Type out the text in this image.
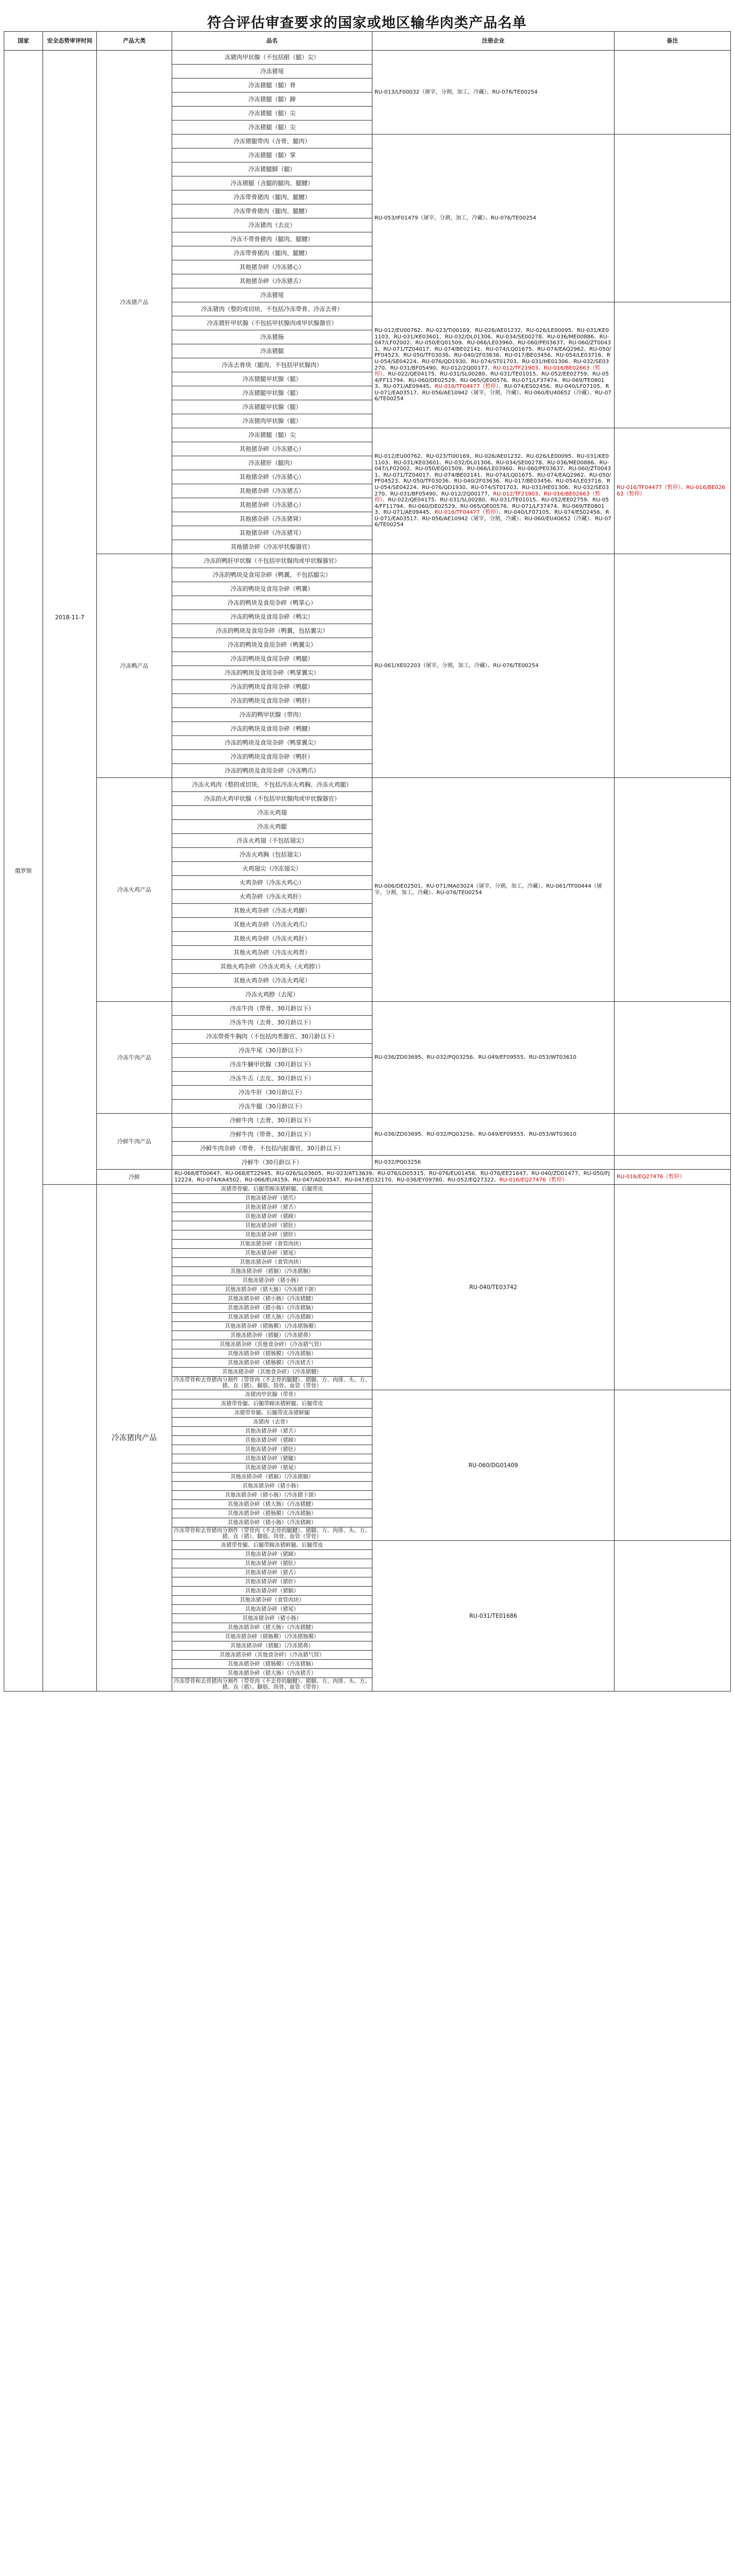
符合评估审查要求的国家或地区输华肉类产品名单
国家	安全态势审评时间	产品大类	品名	注册企业	备注
俄罗斯	2018-11-7	冷冻猪产品	冻猪肉甲状腺（不包括眼（腿）尖）	RU-013/LF00032（屠宰，分割，加工，冷藏）、RU-076/TE00254	
			冷冻猪尾		
			冷冻猪腿（腿）骨		
			冷冻猪腿（腿）蹄		
			冷冻猪腿（腿）尖		
			冷冻猪腿（腿）尖		
			冷冻猪腿带肉（含骨、腿肉）	RU-053/IF01479（屠宰，分割，加工，冷藏）、RU-076/TE00254	
			冷冻猪腿（腿）掌		
			冷冻猪腿脚（腿）		
			冷冻猪腿（含腿的腿肉、腿腱）		
			冷冻带骨猪肉（腿肉、腿腱）		
			冷冻带骨猪肉（腿肉、腿腱）		
			冷冻猪肉（去皮）		
			冷冻不带骨猪肉（腿肉、腿腱）		
			冷冻带骨猪肉（腿肉、腿腱）		
			其他猪杂碎（冷冻猪心）		
			其他猪杂碎（冷冻猪舌）		
			冷冻猪尾		
			冷冻猪肉（整的或切块、不包括冷冻带骨、冷冻去骨）	RU-012/EU00762、RU-023/Ti00169、RU-026/AE01232、RU-026/LE00095、RU-031/KE01103、RU-031/KE03601、RU-032/DL01306、RU-034/SE00278、RU-036/ME00886、RU-047/LF02002、RU-050/EQ01509、RU-066/LE03960、RU-060/PE03637、RU-060/ZT00431、RU-071/TZ04017、RU-074/BE02141、RU-074/LQ01675、RU-074/EAQ2962、RU-050/PF04523、RU-050/TF03036、RU-040/2F03636、RU-017/BE03456、RU-054/LE03716、RU-054/SE04224、RU-076/QD1930、RU-074/ST01703、RU-031/HE01306、RU-032/SE03270、RU-031/BF05490、RU-012/2Q00177、RU-012/TF21903、RU-016/BE02663（暂停）、RU-022/QE04175、RU-031/SL00280、RU-031/TE01015、RU-052/EE02759、RU-054/FF11794、RU-060/DE02529、RU-065/QE00576、RU-071/LF37474、RU-069/TE08013、RU-071/AE09445、RU-016/TF04477（暂停）、RU-074/ES02456、RU-040/LF07105、RU-071/EA03517、RU-056/AE10942（屠宰，分割，冷藏）、RU-060/EU40652（冷藏）、RU-076/TE00254	
			冷冻猪肝甲状腺（不包括甲状腺肉或甲状腺器官）		
			冷冻猪肠		
			冷冻猪腿		
			冷冻去骨块（腿肉、不包括甲状腺肉）		
			冷冻猪腿甲状腺（腿）		
			冷冻猪腿甲状腺（腿）		
			冷冻猪腿甲状腺（腿）		
			冷冻猪肉甲状腺（腿）		
			冷冻猪腿（腿）尖	RU-012/EU00762、RU-023/Ti00169、RU-026/AE01232、RU-026/LE00095、RU-031/KE01103、RU-031/KE03601、RU-032/DL01306、RU-034/SE00278、RU-036/ME00886、RU-047/LF02002、RU-050/EQ01509、RU-066/LE03960、RU-060/PE03637、RU-060/ZT00431、RU-071/TZ04017、RU-074/BE02141、RU-074/LQ01675、RU-074/EAQ2962、RU-050/PF04523、RU-050/TF03036、RU-040/2F03636、RU-017/BE03456、RU-054/LE03716、RU-054/SE04224、RU-076/QD1930、RU-074/ST01703、RU-031/HE01306、RU-032/SE03270、RU-031/BF05490、RU-012/2Q00177、RU-012/TF21903、RU-016/BE02663（暂停）、RU-022/QE04175、RU-031/SL00280、RU-031/TE01015、RU-052/EE02759、RU-054/FF11794、RU-060/DE02529、RU-065/QE00576、RU-071/LF37474、RU-069/TE08013、RU-071/AE09445、RU-016/TF04477（暂停）、RU-040/LF07105、RU-074/ES02456、RU-071/EA03517、RU-056/AE10942（屠宰，分割，冷藏）、RU-060/EU40652（冷藏）、RU-076/TE00254	RU-016/TF04477（暂停）、RU-016/BE02663（暂停）
			其他猪杂碎（冷冻猪心）		
			冷冻猪肝（腿肉）		
			其他猪杂碎（冷冻猪心）		
			其他猪杂碎（冷冻猪舌）		
			其他猪杂碎（冷冻猪心）		
			其他猪杂碎（冷冻猪肾）		
			其他猪杂碎（冷冻猪耳）		
			其他猪杂碎（冷冻甲状腺器官）		
		冷冻鸭产品	冷冻的鸭肝甲状腺（不包括甲状腺肉或甲状腺器官）	RU-061/XE02203（屠宰，分割，加工，冷藏）、RU-076/TE00254	
			冷冻的鸭块及食用杂碎（鸭翼，不包括腿尖）		
			冷冻的鸭块及食用杂碎（鸭翼）		
			冷冻的鸭块及食用杂碎（鸭掌心）		
			冷冻的鸭块及食用杂碎（鸭尖）		
			冷冻的鸭块及食用杂碎（鸭翼，包括翼尖）		
			冷冻的鸭块及食用杂碎（鸭翼尖）		
			冷冻的鸭块及食用杂碎（鸭腿）		
			冷冻的鸭块及食用杂碎（鸭掌翼尖）		
			冷冻的鸭块及食用杂碎（鸭腿）		
			冷冻的鸭块及食用杂碎（鸭肝）		
			冷冻的鸭甲状腺（带肉）		
			冷冻的鸭块及食用杂碎（鸭腱）		
			冷冻的鸭块及食用杂碎（鸭掌翼尖）		
			冷冻的鸭块及食用杂碎（鸭肝）		
			冷冻的鸭块及食用杂碎（冷冻鸭爪）		
		冷冻火鸡产品	冷冻火鸡肉（整的或切块、不包括冷冻火鸡胸、冷冻火鸡腿）	RU-006/DE02501、RU-071/MA03024（屠宰，分割，加工，冷藏）、RU-061/TF00444（屠宰，分割，加工，冷藏）、RU-076/TE00254	
			冷冻的火鸡甲状腺（不包括甲状腺肉或甲状腺器官）		
			冷冻火鸡翅		
			冷冻火鸡腿		
			冷冻火鸡翅（不包括翅尖）		
			冷冻火鸡胸（包括翅尖）		
			火鸡翅尖（冷冻翅尖）		
			火鸡杂碎（冷冻火鸡心）		
			火鸡杂碎（冷冻火鸡肝）		
			其他火鸡杂碎（冷冻火鸡脚）		
			其他火鸡杂碎（冷冻火鸡爪）		
			其他火鸡杂碎（冷冻火鸡肝）		
			其他火鸡杂碎（冷冻火鸡胃）		
			其他火鸡杂碎（冷冻火鸡头（火鸡脖））		
			其他火鸡杂碎（冷冻火鸡尾）		
			冷冻火鸡脖（去尾）		
		冷冻牛肉产品	冷冻牛肉（带骨、30月龄以下）	RU-036/ZD03695、RU-032/PQ03256、RU-049/EF09555、RU-053/WT03610	
			冷冻牛肉（去骨、30月龄以下）		
			冷冻带骨牛胸肉（不包括肉类器官、30月龄以下）		
			冷冻牛尾（30月龄以下）		
			冷冻牛腩甲状腺（30月龄以下）		
			冷冻牛舌（去皮、30月龄以下）		
			冷冻牛肝（30月龄以下）		
			冷冻牛腿（30月龄以下）		
		冷鲜牛肉产品	冷鲜牛肉（去骨、30月龄以下）	RU-036/ZD03695、RU-032/PQ03256、RU-049/EF09555、RU-053/WT03610	
			冷鲜牛肉（带骨、30月龄以下）		
			冷鲜牛肉杂碎（带骨、不包括内脏器官、30月龄以下）		
			冷鲜牛（30月龄以下）	RU-032/PQ03256	
		冷鲜	RU-068/ET00647、RU-068/ET22945、RU-026/SL03605、RU-023/AT13639、RU-076/LD05315、RU-076/EU01456、RU-076/EE21647、RU-040/ZD01477、RU-050/FJ12224、RU-074/KA4502、RU-066/EU4159、RU-047/AD03547、RU-047/ED32170、RU-036/EY09780、RU-052/EQ27322、RU-016/EQ27476（暂停）		RU-016/EQ27476（暂停）
		冷冻猪肉产品	冻猪带骨腿、后腿带蹄冻猪鲜腿、后腿带皮	RU-040/TE03742	
			其他冻猪杂碎（猪爪）		
			其他冻猪杂碎（猪舌）		
			其他冻猪杂碎（猪蹄）		
			其他冻猪杂碎（猪肚）		
			其他冻猪杂碎（猪肝）		
			其他冻猪杂碎（食管肉块）		
			其他冻猪杂碎（猪尾）		
			其他冻猪杂碎（食管肉块）		
			其他冻猪杂碎（猪膈）（冷冻猪膈）		
			其他冻猪杂碎（猪小肠）		
			其他冻猪杂碎（猪大肠）（冷冻猪下颌）		
			其他冻猪杂碎（猪小肠）（冷冻猪腱）		
			其他冻猪杂碎（猪小肠）（冷冻猪脑）		
			其他冻猪杂碎（猪大肠）（冷冻猪蹄）		
			其他冻猪杂碎（猪肠膜）（冷冻猪肠膜）		
			其他冻猪杂碎（猪腿）（冷冻猪鼻）		
			其他冻猪杂碎（其他食杂碎）（冷冻猪气管）		
			其他冻猪杂碎（猪肠膜）（冷冻猪脑）		
			其他冻猪杂碎（猪肠膜）（冷冻猪舌）		
			其他冻猪杂碎（其他食杂碎）（冷冻猪腱）		
			冷冻带骨和去骨猪肉分割件（带骨肉（不去骨的腿腱）、猪脚、方、肉排、头、方、猪、直（猪）、脚筋、筒骨、血管（带骨）		
			冻猪肉甲状腺（带骨）	RU-060/DG01409	
			冻猪带骨腿、后腿带蹄冻猪鲜腿、后腿带皮		
			冻猪带骨腿、后腿带皮冻猪鲜腿		
			冻猪肉（去骨）		
			其他冻猪杂碎（猪舌）		
			其他冻猪杂碎（猪蹄）		
			其他冻猪杂碎（猪肚）		
			其他冻猪杂碎（猪腿）		
			其他冻猪杂碎（猪尾）		
			其他冻猪杂碎（猪膈）（冷冻猪膈）		
			其他冻猪杂碎（猪小肠）		
			其他冻猪杂碎（猪小肠）（冷冻猪下颌）		
			其他冻猪杂碎（猪大肠）（冷冻猪腱）		
			其他冻猪杂碎（猪肠膜）（冷冻猪脑）		
			其他冻猪杂碎（猪小肠）（冷冻猪蹄）		
			冷冻带骨和去骨猪肉分割件（带骨肉（不去骨的腿腱）、猪脚、方、肉排、头、方、猪、直（猪）、脚筋、筒骨、血管（带骨）		
			冻猪带骨腿、后腿带蹄冻猪鲜腿、后腿带皮	RU-031/TE01686	
			其他冻猪杂碎（猪蹄）		
			其他冻猪杂碎（猪肚）		
			其他冻猪杂碎（猪舌）		
			其他冻猪杂碎（猪肝）		
			其他冻猪杂碎（猪膈）		
			其他冻猪杂碎（食管肉块）		
			其他冻猪杂碎（猪尾）		
			其他冻猪杂碎（猪小肠）		
			其他冻猪杂碎（猪大肠）（冷冻猪腱）		
			其他冻猪杂碎（猪肠膜）（冷冻猪肠膜）		
			其他冻猪杂碎（猪腿）（冷冻猪鼻）		
			其他冻猪杂碎（其他食杂碎）（冷冻猪气管）		
			其他冻猪杂碎（猪肠膜）（冷冻猪脑）		
			其他冻猪杂碎（猪大肠）（冷冻猪舌）		
			冷冻带骨和去骨猪肉分割件（带骨肉（不去骨的腿腱）、猪脚、方、肉排、头、方、猪、直（猪）、脚筋、筒骨、血管（带骨）		
